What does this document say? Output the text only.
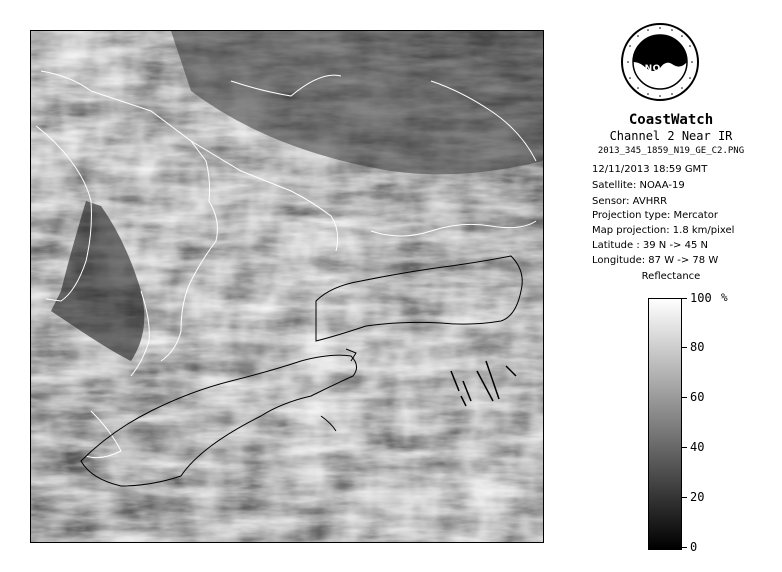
NOAA
CoastWatch
Channel 2 Near IR
2013_345_1859_N19_GE_C2.PNG
12/11/2013 18:59 GMT
Satellite: NOAA-19
Sensor: AVHRR
Projection type: Mercator
Map projection: 1.8 km/pixel
Latitude : 39 N -> 45 N
Longitude: 87 W -> 78 W
Reflectance
%
100
80
60
40
20
0
